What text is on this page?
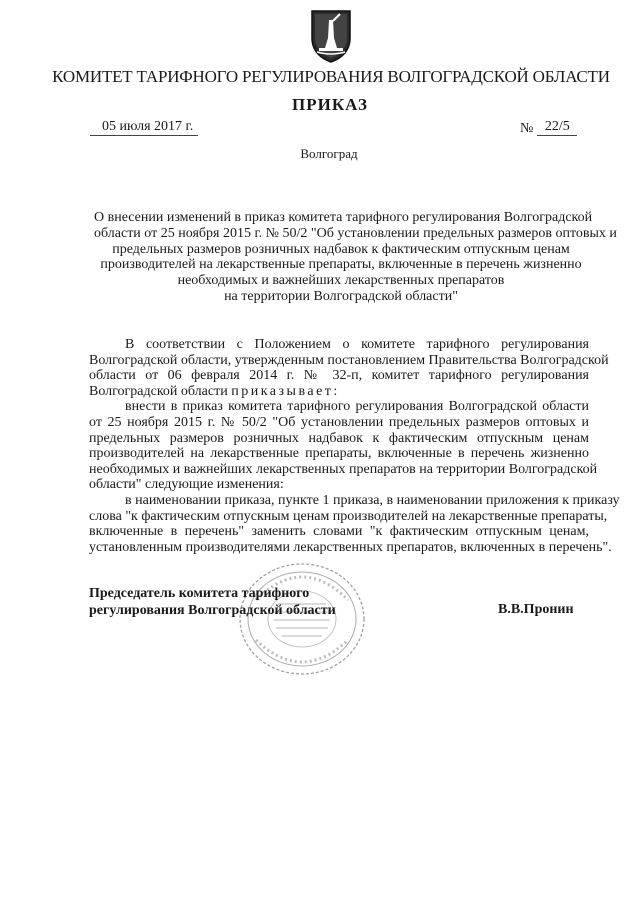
КОМИТЕТ ТАРИФНОГО РЕГУЛИРОВАНИЯ ВОЛГОГРАДСКОЙ ОБЛАСТИ
ПРИКАЗ
05 июля 2017 г.	№ 22/5
Волгоград
О внесении изменений в приказ комитета тарифного регулирования Волгоградской
области от 25 ноября 2015 г. № 50/2 "Об установлении предельных размеров оптовых и
предельных размеров розничных надбавок к фактическим отпускным ценам
производителей на лекарственные препараты, включенные в перечень жизненно
необходимых и важнейших лекарственных препаратов
на территории Волгоградской области"
В соответствии с Положением о комитете тарифного регулирования
Волгоградской области, утвержденным постановлением Правительства Волгоградской
области от 06 февраля 2014 г. № 32-п, комитет тарифного регулирования
Волгоградской области приказывает:
внести в приказ комитета тарифного регулирования Волгоградской области
от 25 ноября 2015 г. № 50/2 "Об установлении предельных размеров оптовых и
предельных размеров розничных надбавок к фактическим отпускным ценам
производителей на лекарственные препараты, включенные в перечень жизненно
необходимых и важнейших лекарственных препаратов на территории Волгоградской
области" следующие изменения:
в наименовании приказа, пункте 1 приказа, в наименовании приложения к приказу
слова "к фактическим отпускным ценам производителей на лекарственные препараты,
включенные в перечень" заменить словами "к фактическим отпускным ценам,
установленным производителями лекарственных препаратов, включенных в перечень".
Председатель комитета тарифного
регулирования Волгоградской области	В.В.Пронин
